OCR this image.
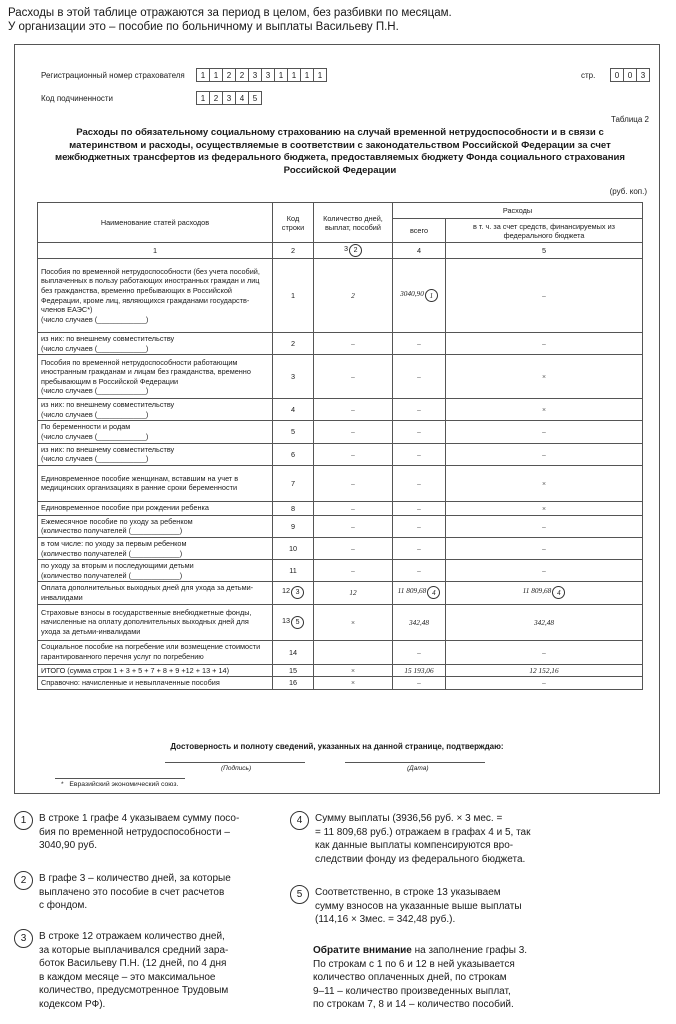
Расходы в этой таблице отражаются за период в целом, без разбивки по месяцам.
У организации это – пособие по больничному и выплаты Васильеву П.Н.
Регистрационный номер страхователя	1	1	2	2	3	3	1	1	1	1
Код подчиненности	1	2	3	4	5
стр.	0	0	3
Таблица 2
Расходы по обязательному социальному страхованию на случай временной нетрудоспособности и в связи с материнством и расходы, осуществляемые в соответствии с законодательством Российской Федерации за счет межбюджетных трансфертов из федерального бюджета, предоставляемых бюджету Фонда социального страхования Российской Федерации
(руб. коп.)
Наименование статей расходов	Код строки	Количество дней, выплат, пособий	Расходы	
			всего	в т. ч. за счет средств, финансируемых из федерального бюджета
1	2	3 2	4	5
Пособия по временной нетрудоспособности (без учета пособий, выплаченных в пользу работающих иностранных граждан и лиц без гражданства, временно пребывающих в Российской Федерации, кроме лиц, являющихся гражданами государств-членов ЕАЭС*)
(число случаев (____________)	1	2	3040,90 1	–
из них: по внешнему совместительству
(число случаев (____________)	2	–	–	–
Пособия по временной нетрудоспособности работающим иностранным гражданам и лицам без гражданства, временно пребывающим в Российской Федерации
(число случаев (____________)	3	–	–	×
из них: по внешнему совместительству
(число случаев (____________)	4	–	–	×
По беременности и родам
(число случаев (____________)	5	–	–	–
из них: по внешнему совместительству
(число случаев (____________)	6	–	–	–
Единовременное пособие женщинам, вставшим на учет в медицинских организациях в ранние сроки беременности	7	–	–	×
Единовременное пособие при рождении ребенка	8	–	–	×
Ежемесячное пособие по уходу за ребенком
(количество получателей (____________)	9	–	–	–
в том числе: по уходу за первым ребенком
(количество получателей (____________)	10	–	–	–
по уходу за вторым и последующими детьми
(количество получателей (____________)	11	–	–	–
Оплата дополнительных выходных дней для ухода за детьми-инвалидами	12 3	12	11 809,68 4	11 809,68 4
Страховые взносы в государственные внебюджетные фонды, начисленные на оплату дополнительных выходных дней для ухода за детьми-инвалидами	13 5	×	342,48	342,48
Социальное пособие на погребение или возмещение стоимости гарантированного перечня услуг по погребению	14		–	–
ИТОГО (сумма строк 1 + 3 + 5 + 7 + 8 + 9 +12 + 13 + 14)	15	×	15 193,06	12 152,16
Справочно: начисленные и невыплаченные пособия	16	×	–	–
Достоверность и полноту сведений, указанных на данной странице, подтверждаю:
(Подпись)	(Дата)
* Евразийский экономический союз.
1	В строке 1 графе 4 указываем сумму посо-
бия по временной нетрудоспособности –
3040,90 руб.
2	В графе 3 – количество дней, за которые
выплачено это пособие в счет расчетов
с фондом.
3	В строке 12 отражаем количество дней,
за которые выплачивался средний зара-
боток Васильеву П.Н. (12 дней, по 4 дня
в каждом месяце – это максимальное
количество, предусмотренное Трудовым
кодексом РФ).
4	Сумму выплаты (3936,56 руб. × 3 мес. =
= 11 809,68 руб.) отражаем в графах 4 и 5, так
как данные выплаты компенсируются вpo-
следствии фонду из федерального бюджета.
5	Соответственно, в строке 13 указываем
сумму взносов на указанные выше выплаты
(114,16 × 3мес. = 342,48 руб.).
Обратите внимание на заполнение графы 3.
По строкам с 1 по 6 и 12 в ней указывается
количество оплаченных дней, по строкам
9–11 – количество произведенных выплат,
по строкам 7, 8 и 14 – количество пособий.
